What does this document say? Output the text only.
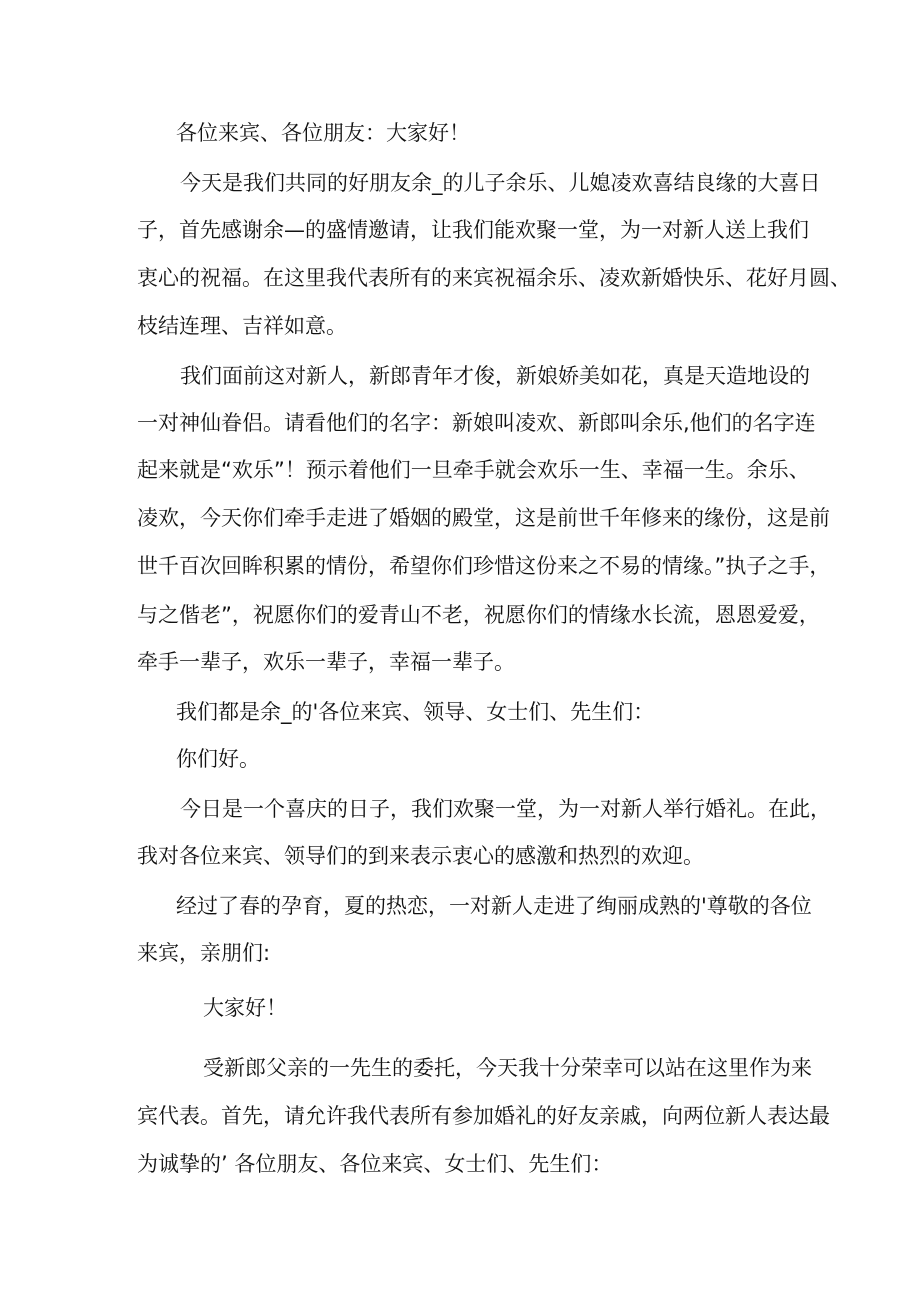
各位来宾、各位朋友：大家好！

今天是我们共同的好朋友余_的儿子余乐、儿媳凌欢喜结良缘的大喜日

子，首先感谢余—的盛情邀请，让我们能欢聚一堂，为一对新人送上我们

衷心的祝福。在这里我代表所有的来宾祝福余乐、凌欢新婚快乐、花好月圆、

枝结连理、吉祥如意。

我们面前这对新人，新郎青年才俊，新娘娇美如花，真是天造地设的

一对神仙眷侣。请看他们的名字：新娘叫凌欢、新郎叫余乐,他们的名字连

起来就是“欢乐”！预示着他们一旦牵手就会欢乐一生、幸福一生。余乐、

凌欢，今天你们牵手走进了婚姻的殿堂，这是前世千年修来的缘份，这是前

世千百次回眸积累的情份，希望你们珍惜这份来之不易的情缘。”执子之手，

与之偕老”，祝愿你们的爱青山不老，祝愿你们的情缘水长流，恩恩爱爱，

牵手一辈子，欢乐一辈子，幸福一辈子。

我们都是余_的'各位来宾、领导、女士们、先生们：

你们好。

今日是一个喜庆的日子，我们欢聚一堂，为一对新人举行婚礼。在此，

我对各位来宾、领导们的到来表示衷心的感激和热烈的欢迎。

经过了春的孕育，夏的热恋，一对新人走进了绚丽成熟的'尊敬的各位

来宾，亲朋们:

大家好！

受新郎父亲的一先生的委托，今天我十分荣幸可以站在这里作为来

宾代表。首先，请允许我代表所有参加婚礼的好友亲戚，向两位新人表达最

为诚挚的’ 各位朋友、各位来宾、女士们、先生们：
